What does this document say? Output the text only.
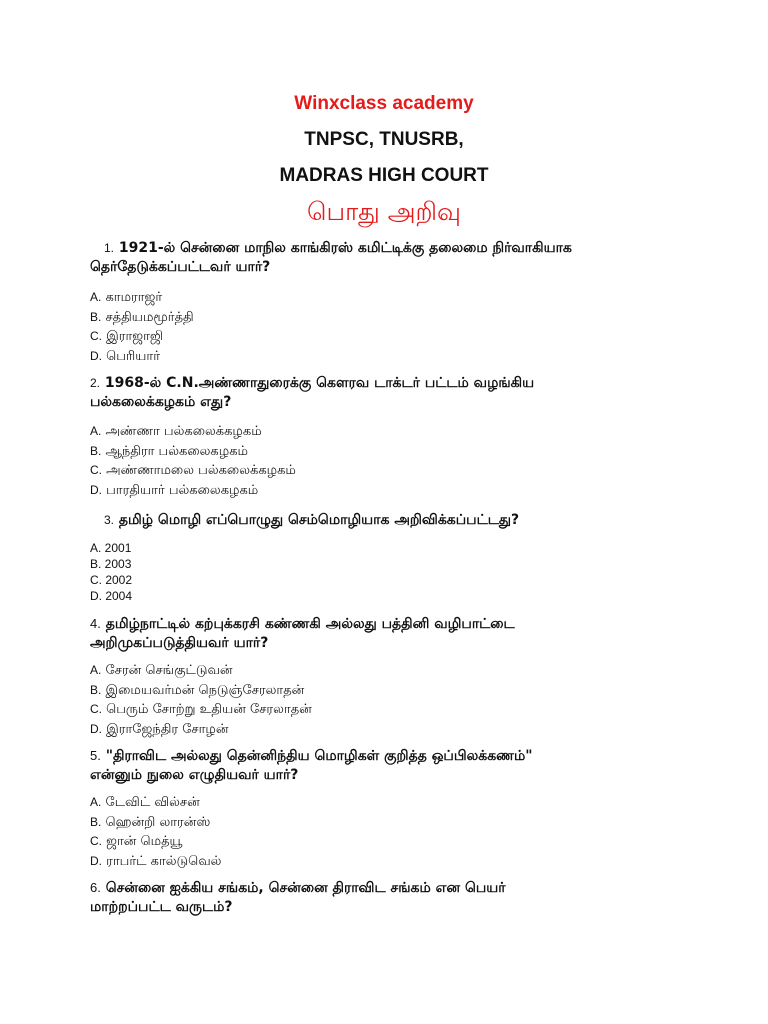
Winxclass academy
TNPSC, TNUSRB,
MADRAS HIGH COURT
பொது அறிவு
1. 1921-ல் சென்னை மாநில காங்கிரஸ் கமிட்டிக்கு தலைமை நிர்வாகியாக
தெர்தேடுக்கப்பட்டவர் யார்?
A. காமராஜர்
B. சத்தியமமூர்த்தி
C. இராஜாஜி
D. பெரியார்
2. 1968-ல் C.N.அண்ணாதுரைக்கு கௌரவ டாக்டர் பட்டம் வழங்கிய
பல்கலைக்கழகம் எது?
A. அண்ணா பல்கலைக்கழகம்
B. ஆந்திரா பல்கலைகழகம்
C. அண்ணாமலை பல்கலைக்கழகம்
D. பாரதியார் பல்கலைகழகம்
3. தமிழ் மொழி எப்பொழுது செம்மொழியாக அறிவிக்கப்பட்டது?
A. 2001
B. 2003
C. 2002
D. 2004
4. தமிழ்நாட்டில் கற்புக்கரசி கண்ணகி அல்லது பத்தினி வழிபாட்டை
அறிமுகப்படுத்தியவர் யார்?
A. சேரன் செங்குட்டுவன்
B. இமையவர்மன் நெடுஞ்சேரலாதன்
C. பெரும் சோற்று உதியன் சேரலாதன்
D. இராஜேந்திர சோழன்
5. "திராவிட அல்லது தென்னிந்திய மொழிகள் குறித்த ஒப்பிலக்கணம்"
என்னும் நுலை எழுதியவர் யார்?
A. டேவிட் வில்சன்
B. ஹென்றி லாரன்ஸ்
C. ஜான் மெத்யூ
D. ராபர்ட் கால்டுவெல்
6. சென்னை ஐக்கிய சங்கம், சென்னை திராவிட சங்கம் என பெயர்
மாற்றப்பட்ட வருடம்?
